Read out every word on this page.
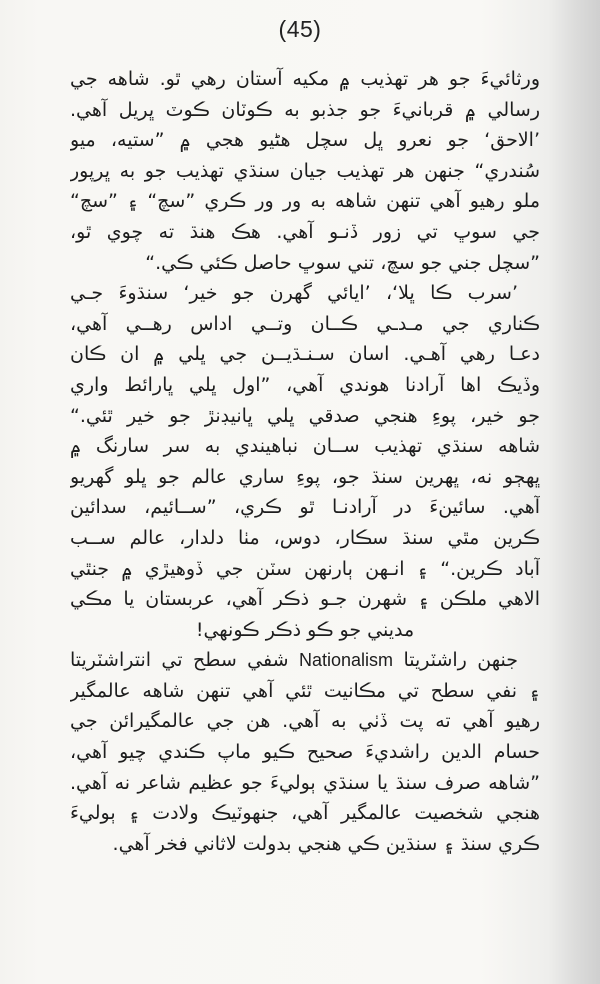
(45)
ورثائيءَ جو هر تهذيب ۾ مکيه آستان رهي ٿو. شاهه جي
رسالي ۾ قربانيءَ جو جذبو به ڪوٽان ڪوٽ ڀريل آهي.
’الاحق‘ جو نعرو ڀل سچل هڻيو هجي ۾ ”ستيه، ميو
سُندري“ جنهن هر تهذيب جيان سنڌي تهذيب جو به ڀرپور
ملو رهيو آهي تنهن شاهه به ور ور ڪري ”سچ“ ۽ ”سچ“
جي سوڀ تي زور ڏنـو آهي. هڪ هنڌ ته چوي ٿو،
”سچل جني جو سچ، تني سوڀ حاصل ڪئي ڪي.“
’سرب ڪا ڀلا‘، ’ايائي گهرن جو خير‘ سنڌوءَ جـي
ڪناري جي مـدـي ڪــان وتــي اداس رهــي آهي،
دعـا رهي آهـي. اسان سـنـڌيــن جي ڀلي ۾ ان ڪان
وڏيڪ اها آرادنا هوندي آهي، ”اول ڀلي ڀارائط واري
جو خير، پوءِ هنجي صدقي ڀلي ڀانيڊنڙ جو خير ٿئي.“
شاهه سنڌي تهذيب ســان نباهيندي به سر سارنگ ۾
ڀهڄو نه، ڀهرين سنڌ جو، پوءِ ساري عالم جو ڀلو گهريو
آهي. سائينءَ در آرادنـا ٿو ڪري، ”ســائيم، سدائين
ڪرين مٿي سنڌ سڪار، دوس، مٺا دلدار، عالم ســب
آباد ڪرين.“ ۽ انـهن ٻارنهن سٽن جي ڏوهيڙي ۾ جنٿي
الاهي ملڪن ۽ شهرن جـو ذڪر آهي، عربستان يا مڪي
مديني جو ڪو ذڪر ڪونهي!
جنهن راشٽريتا Nationalism شفي سطح تي انتراشٽريتا
۽ نفي سطح تي مڪانيت ٿئي آهي تنهن شاهه عالمگير
رهيو آهي ته پت ڏٺي به آهي. هن جي عالمگيرائن جي
حسام الدين راشديءَ صحيح ڪيو ماپ ڪندي چيو آهي،
”شاهه صرف سنڌ يا سنڌي ٻوليءَ جو عظيم شاعر نه آهي.
هنجي شخصيت عالمگير آهي، جنهوٽيڪ ولادت ۽ ٻوليءَ
ڪري سنڌ ۽ سنڌين ڪي هنجي بدولت لاثاني فخر آهي.
